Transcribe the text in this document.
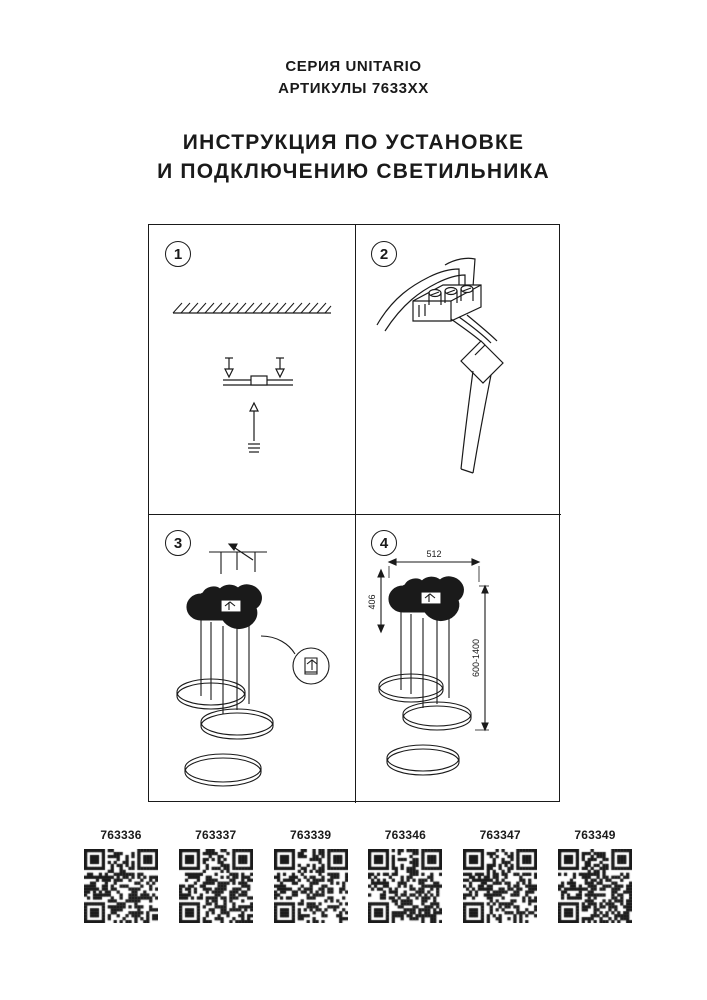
СЕРИЯ UNITARIO
АРТИКУЛЫ 7633ХХ
ИНСТРУКЦИЯ ПО УСТАНОВКЕ
И ПОДКЛЮЧЕНИЮ СВЕТИЛЬНИКА
1	2
3	4
512
406
600-1400
763336	763337	763339	763346	763347	763349
